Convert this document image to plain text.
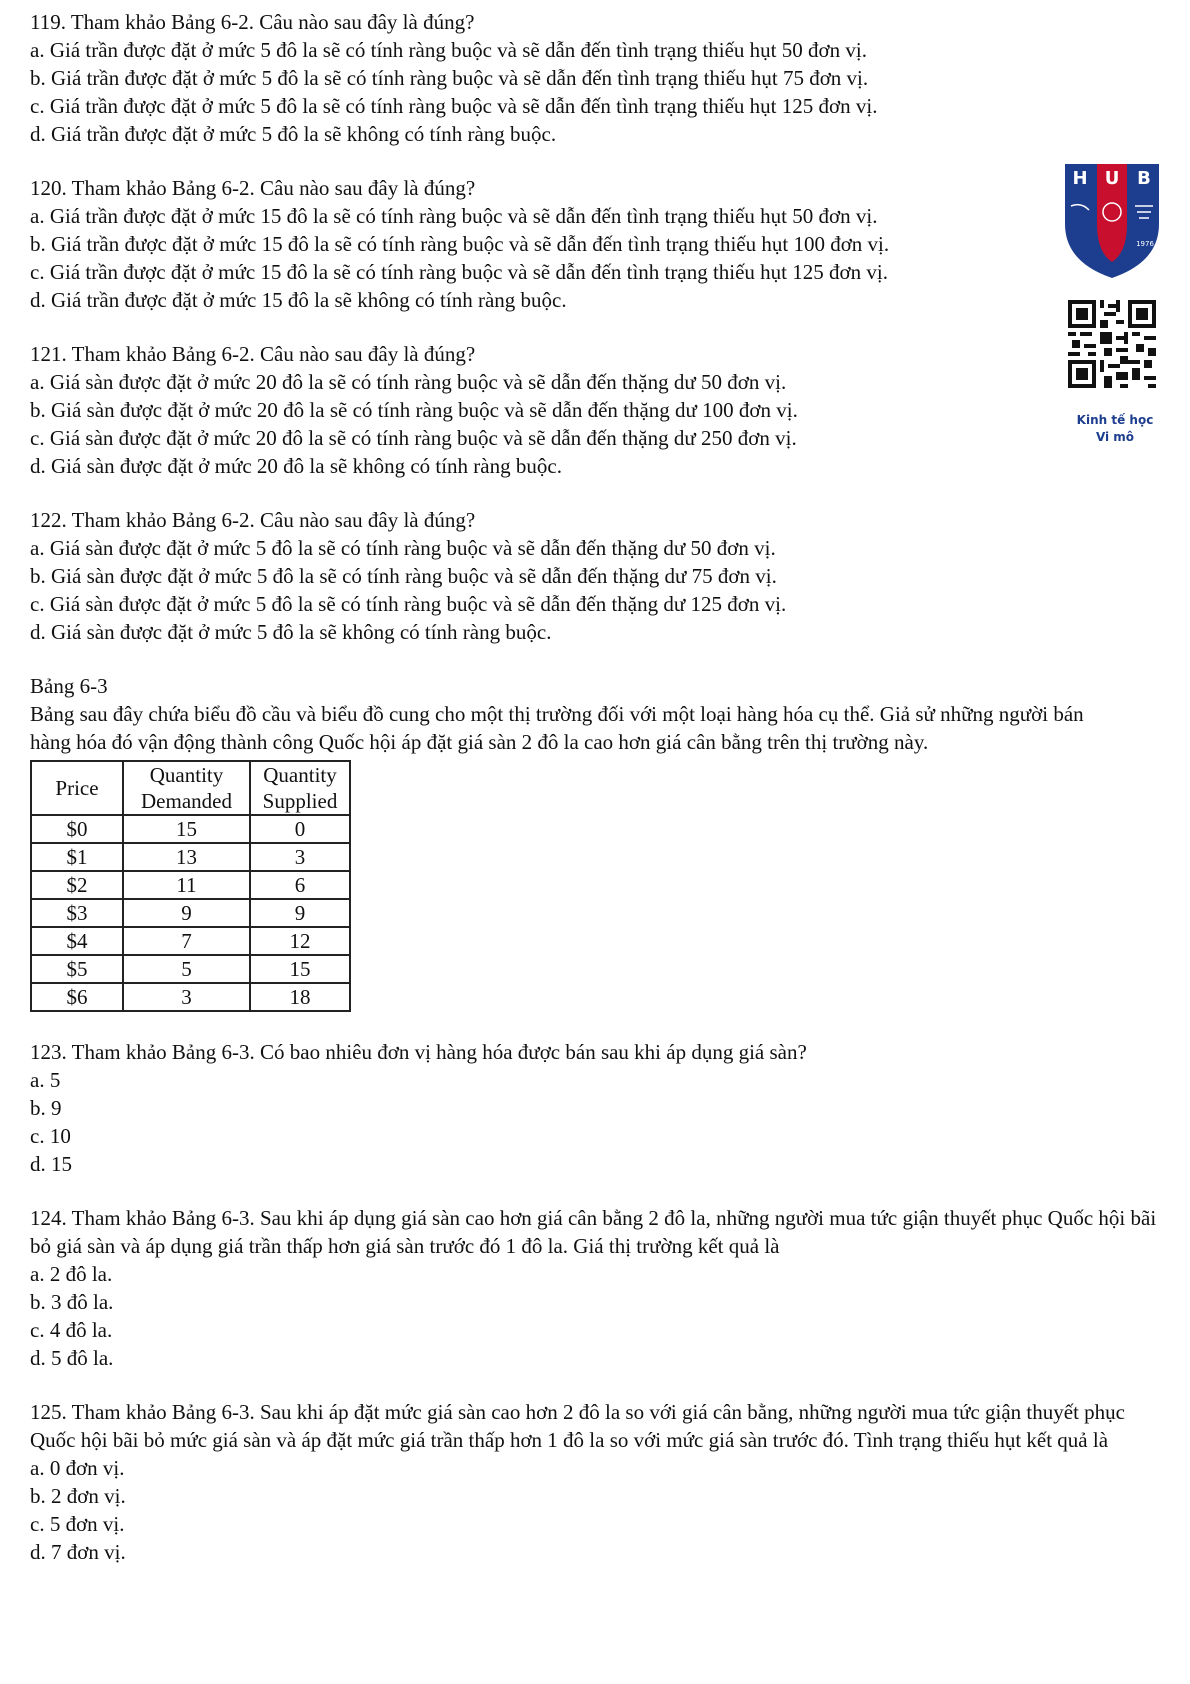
119. Tham khảo Bảng 6-2. Câu nào sau đây là đúng?
a. Giá trần được đặt ở mức 5 đô la sẽ có tính ràng buộc và sẽ dẫn đến tình trạng thiếu hụt 50 đơn vị.
b. Giá trần được đặt ở mức 5 đô la sẽ có tính ràng buộc và sẽ dẫn đến tình trạng thiếu hụt 75 đơn vị.
c. Giá trần được đặt ở mức 5 đô la sẽ có tính ràng buộc và sẽ dẫn đến tình trạng thiếu hụt 125 đơn vị.
d. Giá trần được đặt ở mức 5 đô la sẽ không có tính ràng buộc.
120. Tham khảo Bảng 6-2. Câu nào sau đây là đúng?
a. Giá trần được đặt ở mức 15 đô la sẽ có tính ràng buộc và sẽ dẫn đến tình trạng thiếu hụt 50 đơn vị.
b. Giá trần được đặt ở mức 15 đô la sẽ có tính ràng buộc và sẽ dẫn đến tình trạng thiếu hụt 100 đơn vị.
c. Giá trần được đặt ở mức 15 đô la sẽ có tính ràng buộc và sẽ dẫn đến tình trạng thiếu hụt 125 đơn vị.
d. Giá trần được đặt ở mức 15 đô la sẽ không có tính ràng buộc.
121. Tham khảo Bảng 6-2. Câu nào sau đây là đúng?
a. Giá sàn được đặt ở mức 20 đô la sẽ có tính ràng buộc và sẽ dẫn đến thặng dư 50 đơn vị.
b. Giá sàn được đặt ở mức 20 đô la sẽ có tính ràng buộc và sẽ dẫn đến thặng dư 100 đơn vị.
c. Giá sàn được đặt ở mức 20 đô la sẽ có tính ràng buộc và sẽ dẫn đến thặng dư 250 đơn vị.
d. Giá sàn được đặt ở mức 20 đô la sẽ không có tính ràng buộc.
122. Tham khảo Bảng 6-2. Câu nào sau đây là đúng?
a. Giá sàn được đặt ở mức 5 đô la sẽ có tính ràng buộc và sẽ dẫn đến thặng dư 50 đơn vị.
b. Giá sàn được đặt ở mức 5 đô la sẽ có tính ràng buộc và sẽ dẫn đến thặng dư 75 đơn vị.
c. Giá sàn được đặt ở mức 5 đô la sẽ có tính ràng buộc và sẽ dẫn đến thặng dư 125 đơn vị.
d. Giá sàn được đặt ở mức 5 đô la sẽ không có tính ràng buộc.
Bảng 6-3
Bảng sau đây chứa biểu đồ cầu và biểu đồ cung cho một thị trường đối với một loại hàng hóa cụ thể. Giả sử những người bán hàng hóa đó vận động thành công Quốc hội áp đặt giá sàn 2 đô la cao hơn giá cân bằng trên thị trường này.
Price	Quantity Demanded	Quantity Supplied
$0	15	0
$1	13	3
$2	11	6
$3	9	9
$4	7	12
$5	5	15
$6	3	18
123. Tham khảo Bảng 6-3. Có bao nhiêu đơn vị hàng hóa được bán sau khi áp dụng giá sàn?
a. 5
b. 9
c. 10
d. 15
124. Tham khảo Bảng 6-3. Sau khi áp dụng giá sàn cao hơn giá cân bằng 2 đô la, những người mua tức giận thuyết phục Quốc hội bãi bỏ giá sàn và áp dụng giá trần thấp hơn giá sàn trước đó 1 đô la. Giá thị trường kết quả là
a. 2 đô la.
b. 3 đô la.
c. 4 đô la.
d. 5 đô la.
125. Tham khảo Bảng 6-3. Sau khi áp đặt mức giá sàn cao hơn 2 đô la so với giá cân bằng, những người mua tức giận thuyết phục Quốc hội bãi bỏ mức giá sàn và áp đặt mức giá trần thấp hơn 1 đô la so với mức giá sàn trước đó. Tình trạng thiếu hụt kết quả là
a. 0 đơn vị.
b. 2 đơn vị.
c. 5 đơn vị.
d. 7 đơn vị.
H U B
1976
Kinh tế học
Vi mô
